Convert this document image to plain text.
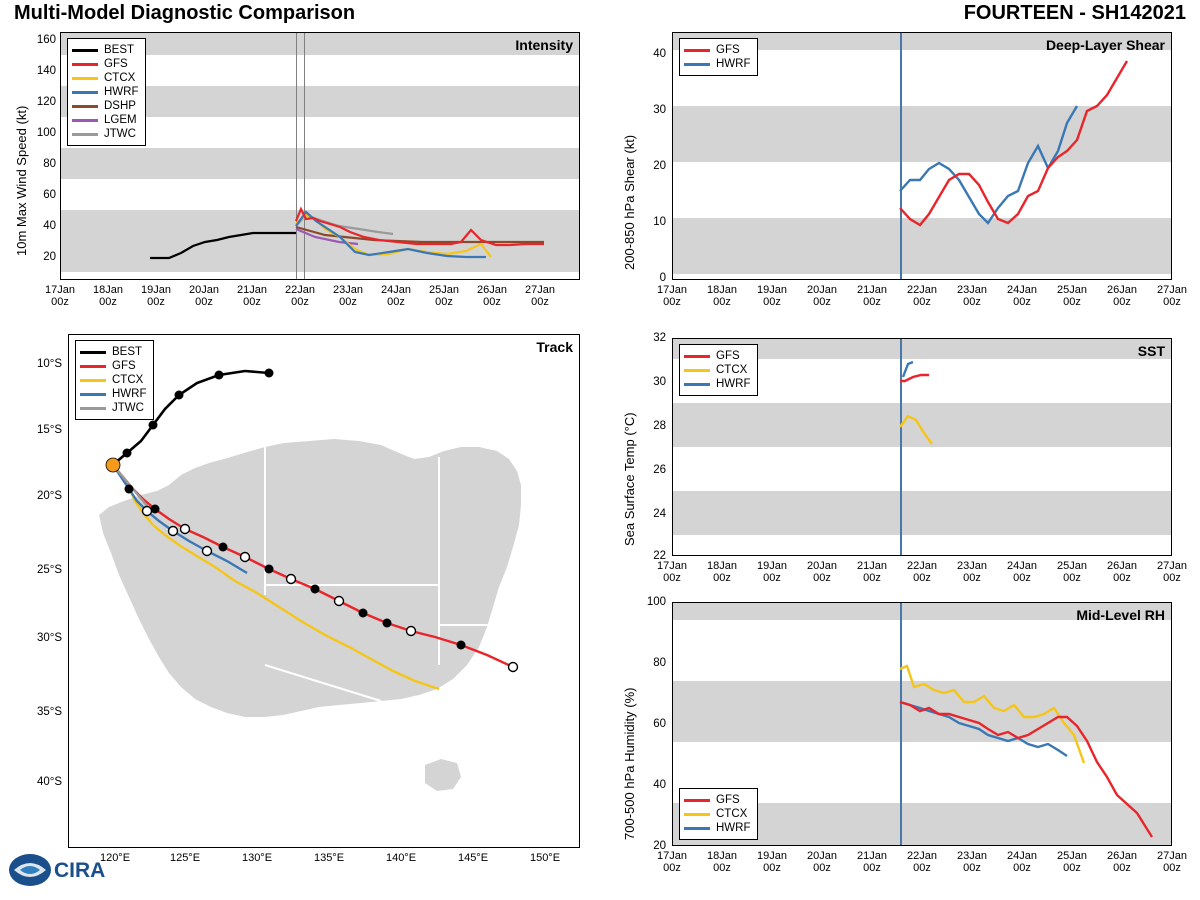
Multi-Model Diagnostic Comparison	FOURTEEN - SH142021
Intensity
BEST
GFS
CTCX
HWRF
DSHP
LGEM
JTWC
10m Max Wind Speed (kt)
160
140
120
100
80
60
40
20
17Jan
00z
18Jan
00z
19Jan
00z
20Jan
00z
21Jan
00z
22Jan
00z
23Jan
00z
24Jan
00z
25Jan
00z
26Jan
00z
27Jan
00z
Track
BEST
GFS
CTCX
HWRF
JTWC
10°S
15°S
20°S
25°S
30°S
35°S
40°S
120°E	125°E	130°E	135°E	140°E	145°E	150°E
Deep-Layer Shear
GFS
HWRF
200-850 hPa Shear (kt)
40
30
20
10
0
17Jan
00z
18Jan
00z
19Jan
00z
20Jan
00z
21Jan
00z
22Jan
00z
23Jan
00z
24Jan
00z
25Jan
00z
26Jan
00z
27Jan
00z
SST
GFS
CTCX
HWRF
Sea Surface Temp (°C)
32
30
28
26
24
22
17Jan
00z
18Jan
00z
19Jan
00z
20Jan
00z
21Jan
00z
22Jan
00z
23Jan
00z
24Jan
00z
25Jan
00z
26Jan
00z
27Jan
00z
Mid-Level RH
GFS
CTCX
HWRF
700-500 hPa Humidity (%)
100
80
60
40
20
17Jan
00z
18Jan
00z
19Jan
00z
20Jan
00z
21Jan
00z
22Jan
00z
23Jan
00z
24Jan
00z
25Jan
00z
26Jan
00z
27Jan
00z
CIRA
